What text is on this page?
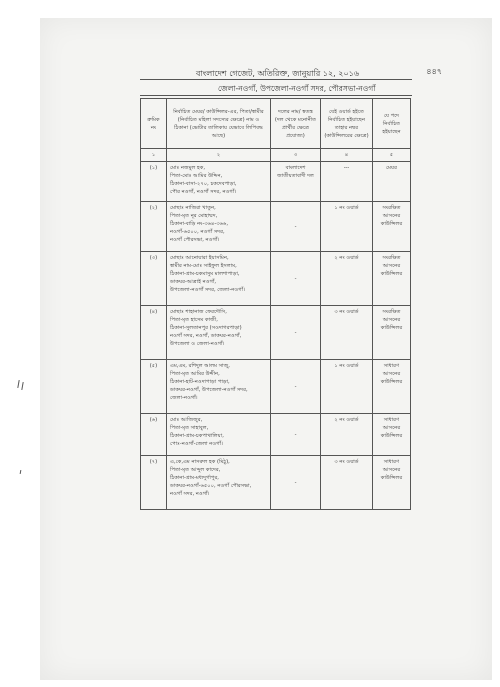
বাংলাদেশ গেজেট, অতিরিক্ত, জানুয়ারি ১২, ২০১৬	৪৪৭
জেলা-নওগাঁ, উপজেলা-নওগাঁ সদর, পৌরসভা-নওগাঁ
ক্রমিক নং	নির্বাচিত মেয়র/ কাউন্সিলর-এর, পিতা/স্বামীর (নির্বাচিত মহিলা সদস্যের ক্ষেত্রে) নাম ও ঠিকানা (ভোটার তালিকায় যেভাবে লিপিবদ্ধ আছে)	দলের নাম/ স্বতন্ত্র (দল থেকে মনোনীত প্রার্থীর ক্ষেত্রে প্রযোজ্য)	যেই ওয়ার্ড হইতে নির্বাচিত হইয়াছেন তাহার নম্বর (কাউন্সিলরের ক্ষেত্রে)	যে পদে নির্বাচিত হইয়াছেন
১	২	৩	৪	৫
(১)	মোঃ নজমুল হক,
পিতা-মোঃ আমির উদ্দিন,
ঠিকানা-বাসা-২৭০, চকদেবপাড়া,
পৌর নওগাঁ, নওগাঁ সদর, নওগাঁ।	বাংলাদেশ জাতীয়তাবাদী দল	---	মেয়র
(২)	মোছাঃ নাজিরা খাতুন,
পিতা-মৃত নূর মোহাম্মদ,
ঠিকানা-বাড়ি নং-৩৬৪-৩৬৬,
নওগাঁ-৬৫০০, নওগাঁ সদর,
নওগাঁ পৌরসভা, নওগাঁ।	-	১ নং ওয়ার্ড	সংরক্ষিত আসনের কাউন্সিলর
(৩)	মোছাঃ আনোয়ারা ইয়াসমিন,
স্বামীর নাম-মোঃ সাইফুল ইসলাম,
ঠিকানা-গ্রাম-চকমাসুম মালশাপাড়া,
ডাকঘর-আত্রাই নওগাঁ,
উপজেলা-নওগাঁ সদর, জেলা-নওগাঁ।	-	২ নং ওয়ার্ড	সংরক্ষিত আসনের কাউন্সিলর
(৪)	মোছাঃ শাহানাজ ফেরদৌসি,
পিতা-মৃত হাসেম কাজী,
ঠিকানা-সুলতানপুর (সওদাগরপাড়া)
নওগাঁ সদর, নওগাঁ, ডাকঘর-নওগাঁ,
উপজেলা ও জেলা-নওগাঁ।	-	৩ নং ওয়ার্ড	সংরক্ষিত আসনের কাউন্সিলর
(৫)	এম,এম, রশিদুল আলম সাজু,
পিতা-মৃত আমির উদ্দীন,
ঠিকানা-হাট-নওদাপাড়া পাড়া,
ডাকঘর-নওগাঁ, উপজেলা-নওগাঁ সদর,
জেলা-নওগাঁ।	-	১ নং ওয়ার্ড	সাধারণ আসনের কাউন্সিলর
(৬)	মোঃ আজিজুর,
পিতা-মৃত সাহাবুল,
ঠিকানা-গ্রাম-চকপাথালিয়া,
পোঃ-নওগাঁ-জেলা নওগাঁ।	-	২ নং ওয়ার্ড	সাধারণ আসনের কাউন্সিলর
(৭)	এ,কে,এম নাসরুল হক (মিঠু),
পিতা-মৃত আব্দুল কাদের,
ঠিকানা-গ্রাম-মধ্যদুর্গাপুর,
ডাকঘর-নওগাঁ-৬৫০০, নওগাঁ পৌরসভা,
নওগাঁ সদর, নওগাঁ।	-	৩ নং ওয়ার্ড	সাধারণ আসনের কাউন্সিলর
